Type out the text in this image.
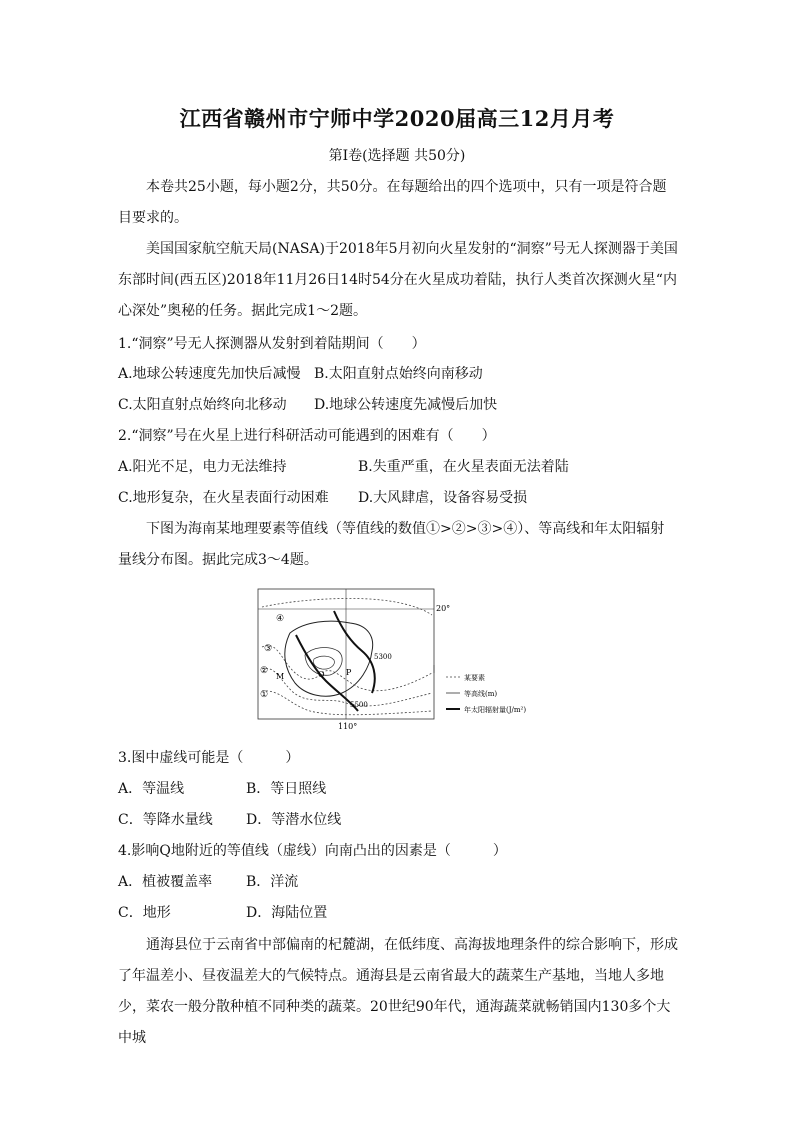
江西省赣州市宁师中学2020届高三12月月考
第Ⅰ卷(选择题 共50分)
本卷共25小题，每小题2分，共50分。在每题给出的四个选项中，只有一项是符合题目要求的。
美国国家航空航天局(NASA)于2018年5月初向火星发射的“洞察”号无人探测器于美国东部时间(西五区)2018年11月26日14时54分在火星成功着陆，执行人类首次探测火星“内心深处”奥秘的任务。据此完成1～2题。
1.“洞察”号无人探测器从发射到着陆期间（　　）
A.地球公转速度先加快后减慢 B.太阳直射点始终向南移动
C.太阳直射点始终向北移动 D.地球公转速度先减慢后加快
2.“洞察”号在火星上进行科研活动可能遇到的困难有（　　）
A.阳光不足，电力无法维持	B.失重严重，在火星表面无法着陆
C.地形复杂，在火星表面行动困难 D.大风肆虐，设备容易受损
下图为海南某地理要素等值线（等值线的数值①>②>③>④）、等高线和年太阳辐射量线分布图。据此完成3～4题。
20°
110°
5300
5500
④
②
①
③
M	Q	P
某要素
等高线(m)
年太阳辐射量(J/m²)
3.图中虚线可能是（　　　）
A．等温线	B．等日照线
C．等降水量线 D．等潜水位线
4.影响Q地附近的等值线（虚线）向南凸出的因素是（　　　）
A．植被覆盖率 B．洋流
C．地形	D．海陆位置
通海县位于云南省中部偏南的杞麓湖，在低纬度、高海拔地理条件的综合影响下，形成了年温差小、昼夜温差大的气候特点。通海县是云南省最大的蔬菜生产基地，当地人多地少，菜农一般分散种植不同种类的蔬菜。20世纪90年代，通海蔬菜就畅销国内130多个大中城
